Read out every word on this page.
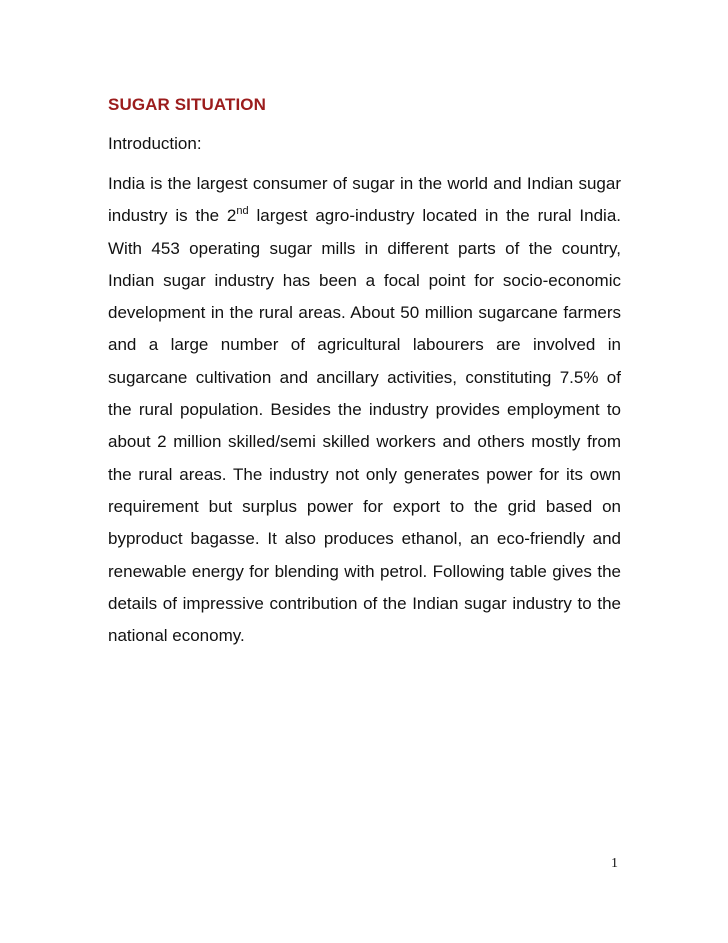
SUGAR SITUATION
Introduction:

India is the largest consumer of sugar in the world and Indian sugar industry is the 2nd largest agro-industry located in the rural India. With 453 operating sugar mills in different parts of the country, Indian sugar industry has been a focal point for socio-economic development in the rural areas. About 50 million sugarcane farmers and a large number of agricultural labourers are involved in sugarcane cultivation and ancillary activities, constituting 7.5% of the rural population. Besides the industry provides employment to about 2 million skilled/semi skilled workers and others mostly from the rural areas. The industry not only generates power for its own requirement but surplus power for export to the grid based on byproduct bagasse. It also produces ethanol, an eco-friendly and renewable energy for blending with petrol. Following table gives the details of impressive contribution of the Indian sugar industry to the national economy.

1
